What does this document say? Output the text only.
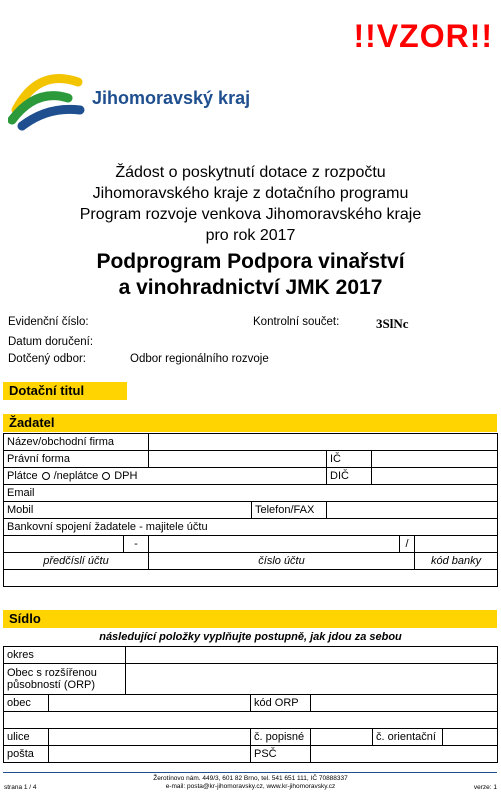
!!VZOR!!
Jihomoravský kraj
Žádost o poskytnutí dotace z rozpočtu
Jihomoravského kraje z dotačního programu
Program rozvoje venkova Jihomoravského kraje
pro rok 2017
Podprogram Podpora vinařství
a vinohradnictví JMK 2017
Evidenční číslo:	Kontrolní součet:	3SlNc
Datum doručení:
Dotčený odbor:	Odbor regionálního rozvoje
Dotační titul
Žadatel
Název/obchodní firma							
Právní forma				IČ			
Plátce /neplátce DPH				DIČ			
Email							
Mobil			Telefon/FAX				
Bankovní spojení žadatele - majitele účtu							
	-					/	
předčíslí účtu		číslo účtu					kód banky

Sídlo
následující položky vyplňujte postupně, jak jdou za sebou
okres						
Obec s rozšířenou působností (ORP)						
obec			kód ORP			

ulice			č. popisné		č. orientační	
pošta			PSČ			
strana 1 / 4
Žerotínovo nám. 449/3, 601 82 Brno, tel. 541 651 111, IČ 70888337
e-mail: posta@kr-jihomoravsky.cz, www.kr-jihomoravsky.cz	verze: 1
